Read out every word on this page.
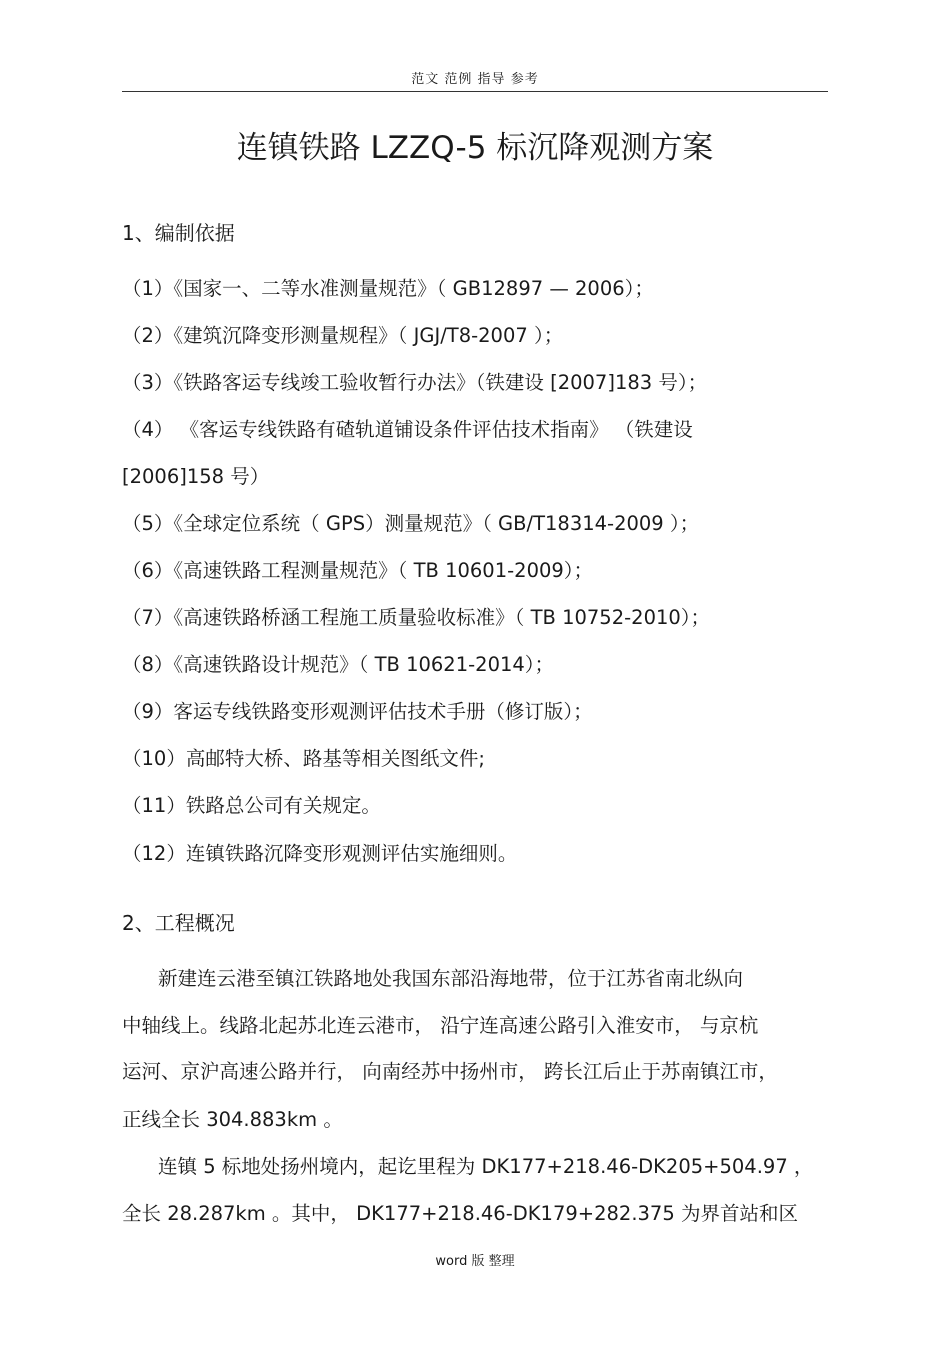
范文 范例 指导 参考
连镇铁路 LZZQ-5 标沉降观测方案
1、编制依据

（1）《国家一、二等水准测量规范》（ GB12897 — 2006）；

（2）《建筑沉降变形测量规程》（ JGJ/T8-2007 ）；

（3）《铁路客运专线竣工验收暂行办法》（铁建设 [2007]183 号）；

（4） 《客运专线铁路有碴轨道铺设条件评估技术指南》 （铁建设

[2006]158 号）

（5）《全球定位系统（ GPS）测量规范》（ GB/T18314-2009 ）；

（6）《高速铁路工程测量规范》（ TB 10601-2009）；

（7）《高速铁路桥涵工程施工质量验收标准》（ TB 10752-2010）；

（8）《高速铁路设计规范》（ TB 10621-2014）；

（9）客运专线铁路变形观测评估技术手册（修订版）；

（10）高邮特大桥、路基等相关图纸文件;

（11）铁路总公司有关规定。

（12）连镇铁路沉降变形观测评估实施细则。

2、工程概况

新建连云港至镇江铁路地处我国东部沿海地带，位于江苏省南北纵向

中轴线上。线路北起苏北连云港市， 沿宁连高速公路引入淮安市， 与京杭

运河、京沪高速公路并行， 向南经苏中扬州市， 跨长江后止于苏南镇江市，

正线全长 304.883km 。

连镇 5 标地处扬州境内，起讫里程为 DK177+218.46-DK205+504.97 ，

全长 28.287km 。其中， DK177+218.46-DK179+282.375 为界首站和区

word 版 整理
